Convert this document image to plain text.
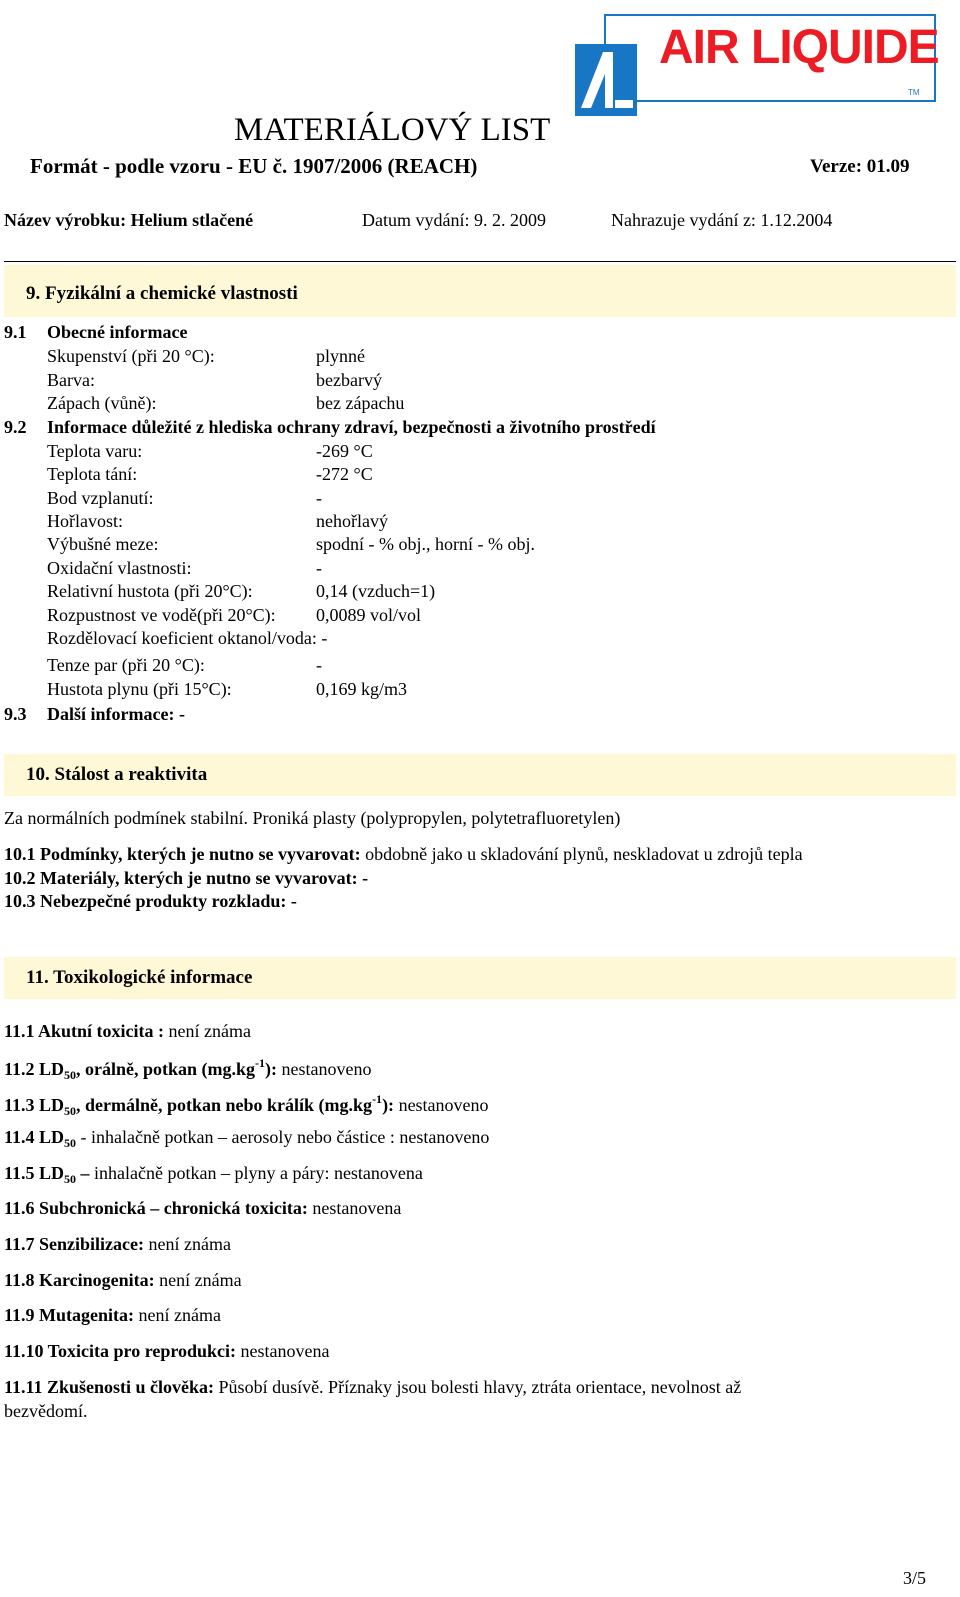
AIR LIQUIDE
TM
MATERIÁLOVÝ LIST
Formát - podle vzoru - EU č. 1907/2006 (REACH)	Verze: 01.09
Název výrobku: Helium stlačené	Datum vydání: 9. 2. 2009	Nahrazuje vydání z: 1.12.2004
9. Fyzikální a chemické vlastnosti
9.1 Obecné informace
Skupenství (při 20 °C):	plynné
Barva:	bezbarvý
Zápach (vůně):	bez zápachu
9.2 Informace důležité z hlediska ochrany zdraví, bezpečnosti a životního prostředí
Teplota varu:	-269 °C
Teplota tání:	-272 °C
Bod vzplanutí:	-
Hořlavost:	nehořlavý
Výbušné meze:	spodní - % obj., horní - % obj.
Oxidační vlastnosti:	-
Relativní hustota (při 20°C):	0,14 (vzduch=1)
Rozpustnost ve vodě(při 20°C): 0,0089 vol/vol
Rozdělovací koeficient oktanol/voda: -
Tenze par (při 20 °C):	-
Hustota plynu (při 15°C):	0,169 kg/m3
9.3 Další informace: -
10. Stálost a reaktivita
Za normálních podmínek stabilní. Proniká plasty (polypropylen, polytetrafluoretylen)
10.1 Podmínky, kterých je nutno se vyvarovat: obdobně jako u skladování plynů, neskladovat u zdrojů tepla
10.2 Materiály, kterých je nutno se vyvarovat: -
10.3 Nebezpečné produkty rozkladu: -
11. Toxikologické informace
11.1 Akutní toxicita : není známa
11.2 $LD_{50}$, orálně, potkan $(mg.kg^{-1})$: nestanoveno
11.3 $LD_{50}$, dermálně, potkan nebo králík $(mg.kg^{-1})$: nestanoveno
11.4 $LD_{50}$ - inhalačně potkan – aerosoly nebo částice : nestanoveno
11.5 $LD_{50}$ – inhalačně potkan – plyny a páry: nestanovena
11.6 Subchronická – chronická toxicita: nestanovena
11.7 Senzibilizace: není známa
11.8 Karcinogenita: není známa
11.9 Mutagenita: není známa
11.10 Toxicita pro reprodukci: nestanovena
11.11 Zkušenosti u člověka: Působí dusívě. Příznaky jsou bolesti hlavy, ztráta orientace, nevolnost až
bezvědomí.
3/5
